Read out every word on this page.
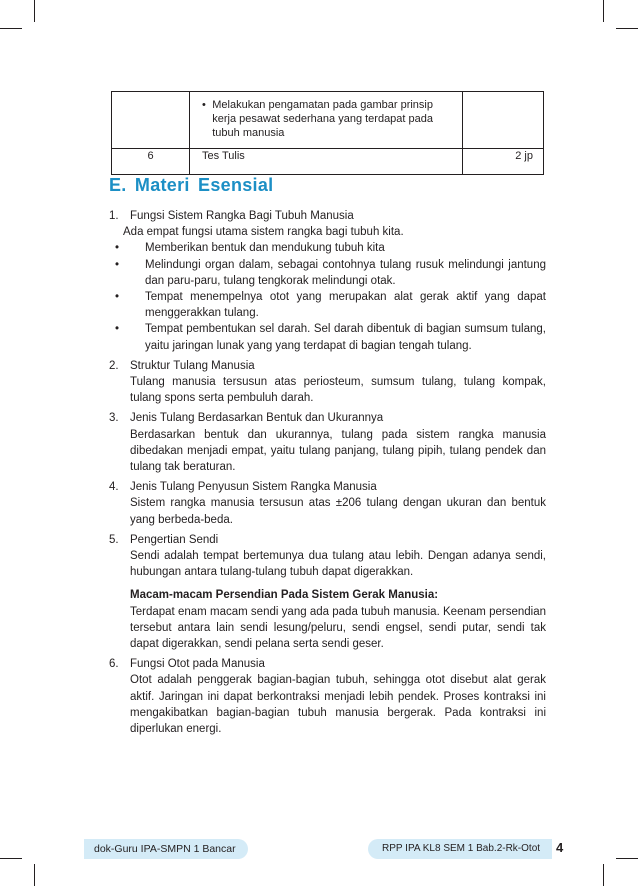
	• Melakukan pengamatan pada gambar prinsip kerja pesawat sederhana yang terdapat pada tubuh manusia	

6	Tes Tulis	2 jp
E. Materi Esensial
1. Fungsi Sistem Rangka Bagi Tubuh Manusia
Ada empat fungsi utama sistem rangka bagi tubuh kita.
•	Memberikan bentuk dan mendukung tubuh kita
•	Melindungi organ dalam, sebagai contohnya tulang rusuk melindungi jantung dan paru-paru, tulang tengkorak melindungi otak.
•	Tempat menempelnya otot yang merupakan alat gerak aktif yang dapat menggerakkan tulang.
•	Tempat pembentukan sel darah. Sel darah dibentuk di bagian sumsum tulang, yaitu jaringan lunak yang yang terdapat di bagian tengah tulang.
2. Struktur Tulang Manusia
Tulang manusia tersusun atas periosteum, sumsum tulang, tulang kompak, tulang spons serta pembuluh darah.
3. Jenis Tulang Berdasarkan Bentuk dan Ukurannya
Berdasarkan bentuk dan ukurannya, tulang pada sistem rangka manusia dibedakan menjadi empat, yaitu tulang panjang, tulang pipih, tulang pendek dan tulang tak beraturan.
4. Jenis Tulang Penyusun Sistem Rangka Manusia
Sistem rangka manusia tersusun atas ±206 tulang dengan ukuran dan bentuk yang berbeda-beda.
5. Pengertian Sendi
Sendi adalah tempat bertemunya dua tulang atau lebih. Dengan adanya sendi, hubungan antara tulang-tulang tubuh dapat digerakkan.
Macam-macam Persendian Pada Sistem Gerak Manusia:
Terdapat enam macam sendi yang ada pada tubuh manusia. Keenam persendian tersebut antara lain sendi lesung/peluru, sendi engsel, sendi putar, sendi tak dapat digerakkan, sendi pelana serta sendi geser.
6. Fungsi Otot pada Manusia
Otot adalah penggerak bagian-bagian tubuh, sehingga otot disebut alat gerak aktif. Jaringan ini dapat berkontraksi menjadi lebih pendek. Proses kontraksi ini mengakibatkan bagian-bagian tubuh manusia bergerak. Pada kontraksi ini diperlukan energi.
dok-Guru IPA-SMPN 1 Bancar	RPP IPA KL8 SEM 1 Bab.2-Rk-Otot	4
